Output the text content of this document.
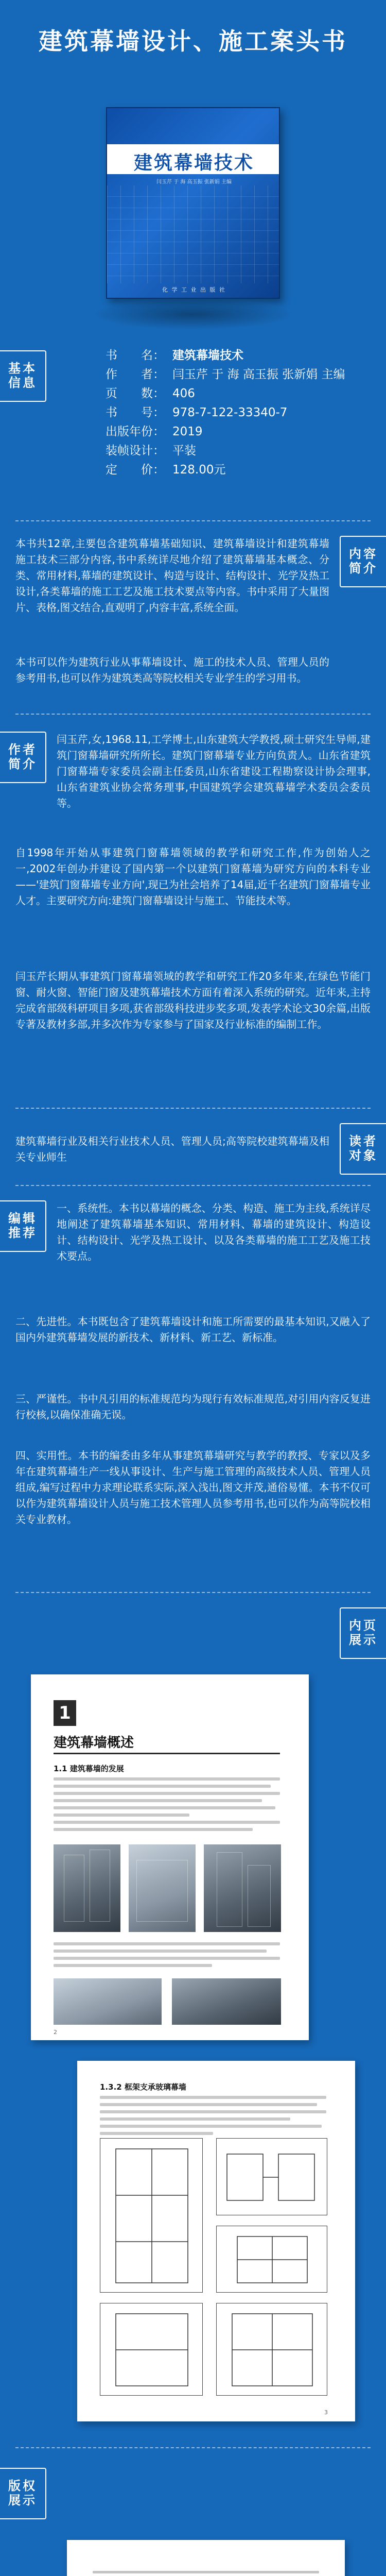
建筑幕墙设计、施工案头书
建筑幕墙技术
闫玉芹 于 海 高玉振 张新娟 主编
化 学 工 业 出 版 社
基本
信息
书　　名： 建筑幕墙技术
作　　者： 闫玉芹 于 海 高玉振 张新娟 主编
页　　数： 406
书　　号： 978-7-122-33340-7
出版年份： 2019
装帧设计： 平装
定　　价： 128.00元
内容
简介
本书共12章,主要包含建筑幕墙基础知识、建筑幕墙设计和建筑幕墙施工技术三部分内容,书中系统详尽地介绍了建筑幕墙基本概念、分类、常用材料,幕墙的建筑设计、构造与设计、结构设计、光学及热工设计,各类幕墙的施工工艺及施工技术要点等内容。书中采用了大量图片、表格,图文结合,直观明了,内容丰富,系统全面。
本书可以作为建筑行业从事幕墙设计、施工的技术人员、管理人员的参考用书,也可以作为建筑类高等院校相关专业学生的学习用书。
作者
简介
闫玉芹,女,1968.11,工学博士,山东建筑大学教授,硕士研究生导师,建筑门窗幕墙研究所所长。建筑门窗幕墙专业方向负责人。山东省建筑门窗幕墙专家委员会副主任委员,山东省建设工程勘察设计协会理事,山东省建筑业协会常务理事,中国建筑学会建筑幕墙学术委员会委员等。
自1998年开始从事建筑门窗幕墙领域的教学和研究工作,作为创始人之一,2002年创办并建设了国内第一个以建筑门窗幕墙为研究方向的本科专业——'建筑门窗幕墙专业方向',现已为社会培养了14届,近千名建筑门窗幕墙专业人才。主要研究方向:建筑门窗幕墙设计与施工、节能技术等。
闫玉芹长期从事建筑门窗幕墙领域的教学和研究工作20多年来,在绿色节能门窗、耐火窗、智能门窗及建筑幕墙技术方面有着深入系统的研究。近年来,主持完成省部级科研项目多项,获省部级科技进步奖多项,发表学术论文30余篇,出版专著及教材多部,并多次作为专家参与了国家及行业标准的编制工作。
读者
对象
建筑幕墙行业及相关行业技术人员、管理人员;高等院校建筑幕墙及相关专业师生
编辑
推荐
一、系统性。本书以幕墙的概念、分类、构造、施工为主线,系统详尽地阐述了建筑幕墙基本知识、常用材料、幕墙的建筑设计、构造设计、结构设计、光学及热工设计、以及各类幕墙的施工工艺及施工技术要点。
二、先进性。本书既包含了建筑幕墙设计和施工所需要的最基本知识,又融入了国内外建筑幕墙发展的新技术、新材料、新工艺、新标准。
三、严谨性。书中凡引用的标准规范均为现行有效标准规范,对引用内容反复进行校核,以确保准确无误。
四、实用性。本书的编委由多年从事建筑幕墙研究与教学的教授、专家以及多年在建筑幕墙生产一线从事设计、生产与施工管理的高级技术人员、管理人员组成,编写过程中力求理论联系实际,深入浅出,图文并茂,通俗易懂。本书不仅可以作为建筑幕墙设计人员与施工技术管理人员参考用书,也可以作为高等院校相关专业教材。
内页
展示
1
建筑幕墙概述
1.1 建筑幕墙的发展
2
1.3.2 框架支承玻璃幕墙
3
版权
展示
